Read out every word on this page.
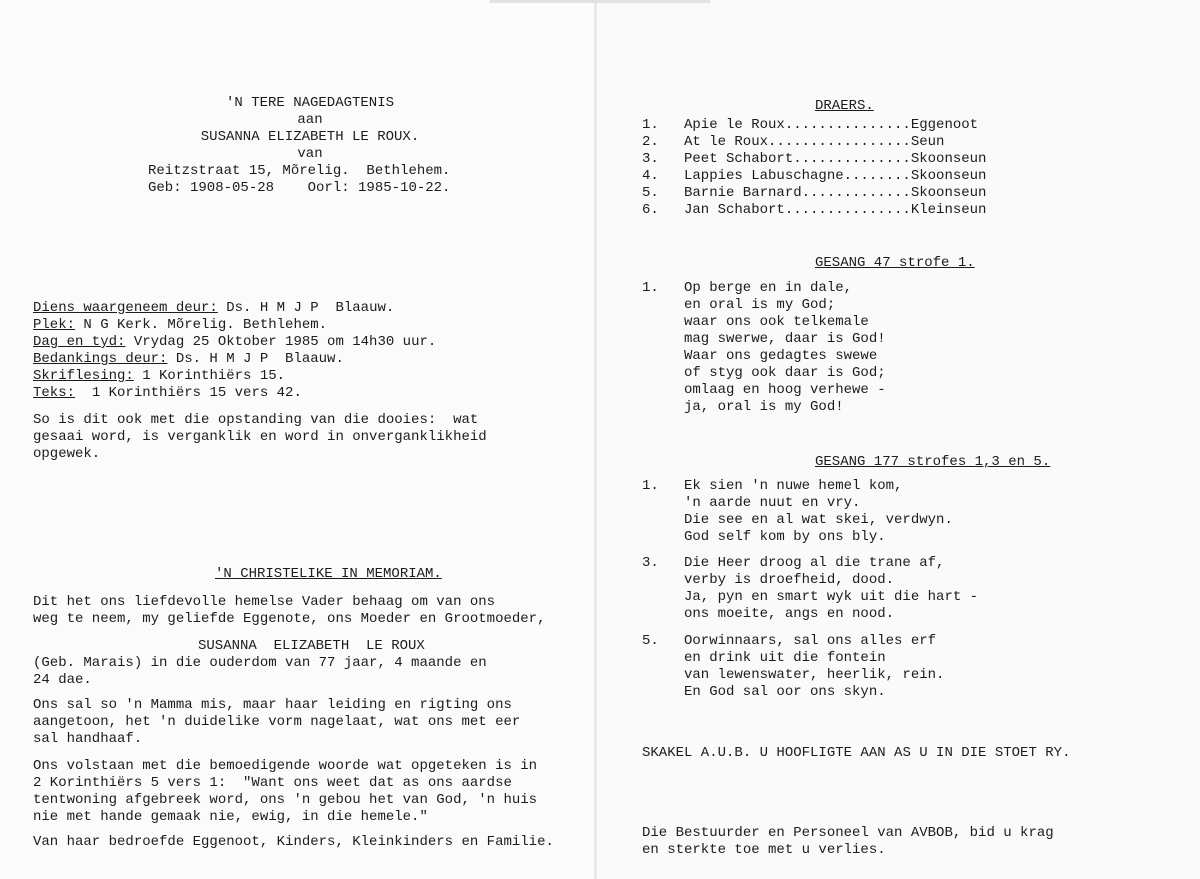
'N TERE NAGEDAGTENIS
aan
SUSANNA ELIZABETH LE ROUX.
van
Reitzstraat 15, Mõrelig.  Bethlehem.
Geb: 1908-05-28    Oorl: 1985-10-22.
Diens waargeneem deur: Ds. H M J P  Blaauw.
Plek: N G Kerk. Mõrelig. Bethlehem.
Dag en tyd: Vrydag 25 Oktober 1985 om 14h30 uur.
Bedankings deur: Ds. H M J P  Blaauw.
Skriflesing: 1 Korinthiërs 15.
Teks:  1 Korinthiërs 15 vers 42.
So is dit ook met die opstanding van die dooies:  wat
gesaai word, is verganklik en word in onverganklikheid
opgewek.
'N CHRISTELIKE IN MEMORIAM.
Dit het ons liefdevolle hemelse Vader behaag om van ons
weg te neem, my geliefde Eggenote, ons Moeder en Grootmoeder,
SUSANNA  ELIZABETH  LE ROUX
(Geb. Marais) in die ouderdom van 77 jaar, 4 maande en
24 dae.
Ons sal so 'n Mamma mis, maar haar leiding en rigting ons
aangetoon, het 'n duidelike vorm nagelaat, wat ons met eer
sal handhaaf.
Ons volstaan met die bemoedigende woorde wat opgeteken is in
2 Korinthiërs 5 vers 1:  "Want ons weet dat as ons aardse
tentwoning afgebreek word, ons 'n gebou het van God, 'n huis
nie met hande gemaak nie, ewig, in die hemele."
Van haar bedroefde Eggenoot, Kinders, Kleinkinders en Familie.
DRAERS.
1. Apie le Roux...............Eggenoot
2. At le Roux.................Seun
3. Peet Schabort..............Skoonseun
4. Lappies Labuschagne........Skoonseun
5. Barnie Barnard.............Skoonseun
6. Jan Schabort...............Kleinseun
GESANG 47 strofe 1.
1. Op berge en in dale,
en oral is my God;
waar ons ook telkemale
mag swerwe, daar is God!
Waar ons gedagtes swewe
of styg ook daar is God;
omlaag en hoog verhewe -
ja, oral is my God!
GESANG 177 strofes 1,3 en 5.
1. Ek sien 'n nuwe hemel kom,
'n aarde nuut en vry.
Die see en al wat skei, verdwyn.
God self kom by ons bly.
3. Die Heer droog al die trane af,
verby is droefheid, dood.
Ja, pyn en smart wyk uit die hart -
ons moeite, angs en nood.
5. Oorwinnaars, sal ons alles erf
en drink uit die fontein
van lewenswater, heerlik, rein.
En God sal oor ons skyn.
SKAKEL A.U.B. U HOOFLIGTE AAN AS U IN DIE STOET RY.
Die Bestuurder en Personeel van AVBOB, bid u krag
en sterkte toe met u verlies.
